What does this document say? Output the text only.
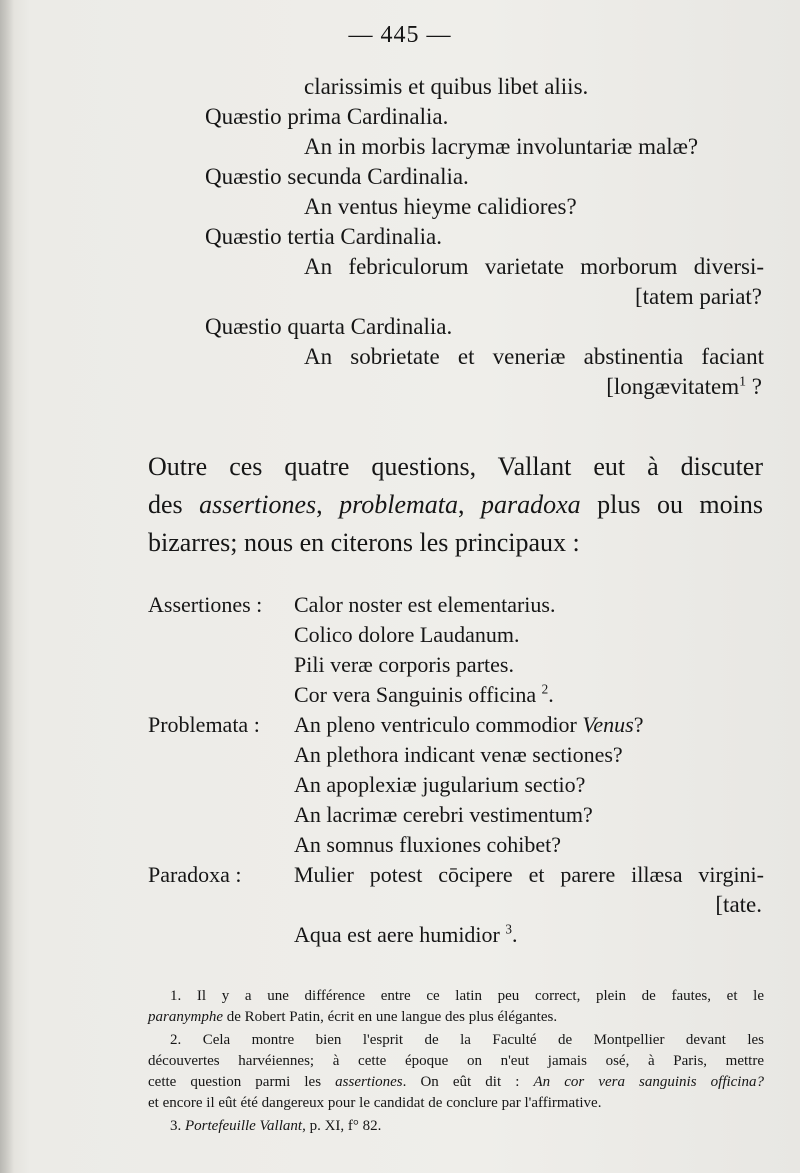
— 445 —
clarissimis et quibus libet aliis.
Quæstio prima Cardinalia.
An in morbis lacrymæ involuntariæ malæ?
Quæstio secunda Cardinalia.
An ventus hieyme calidiores?
Quæstio tertia Cardinalia.
An febriculorum varietate morborum diversi-
[tatem pariat?
Quæstio quarta Cardinalia.
An sobrietate et veneriæ abstinentia faciant
[longævitatem$^1$ ?
Outre ces quatre questions, Vallant eut à discuter
des assertiones, problemata, paradoxa plus ou moins
bizarres; nous en citerons les principaux :
Assertiones : Calor noster est elementarius.
Colico dolore Laudanum.
Pili veræ corporis partes.
Cor vera Sanguinis officina $^2$.
Problemata : An pleno ventriculo commodior Venus?
An plethora indicant venæ sectiones?
An apoplexiæ jugularium sectio?
An lacrimæ cerebri vestimentum?
An somnus fluxiones cohibet?
Paradoxa : Mulier potest cōcipere et parere illæsa virgini-
[tate.
Aqua est aere humidior $^3$.
1. Il y a une différence entre ce latin peu correct, plein de fautes, et le
paranymphe de Robert Patin, écrit en une langue des plus élégantes.
2. Cela montre bien l'esprit de la Faculté de Montpellier devant les
découvertes harvéiennes; à cette époque on n'eut jamais osé, à Paris, mettre
cette question parmi les assertiones. On eût dit : An cor vera sanguinis officina?
et encore il eût été dangereux pour le candidat de conclure par l'affirmative.
3. Portefeuille Vallant, p. XI, f° 82.
